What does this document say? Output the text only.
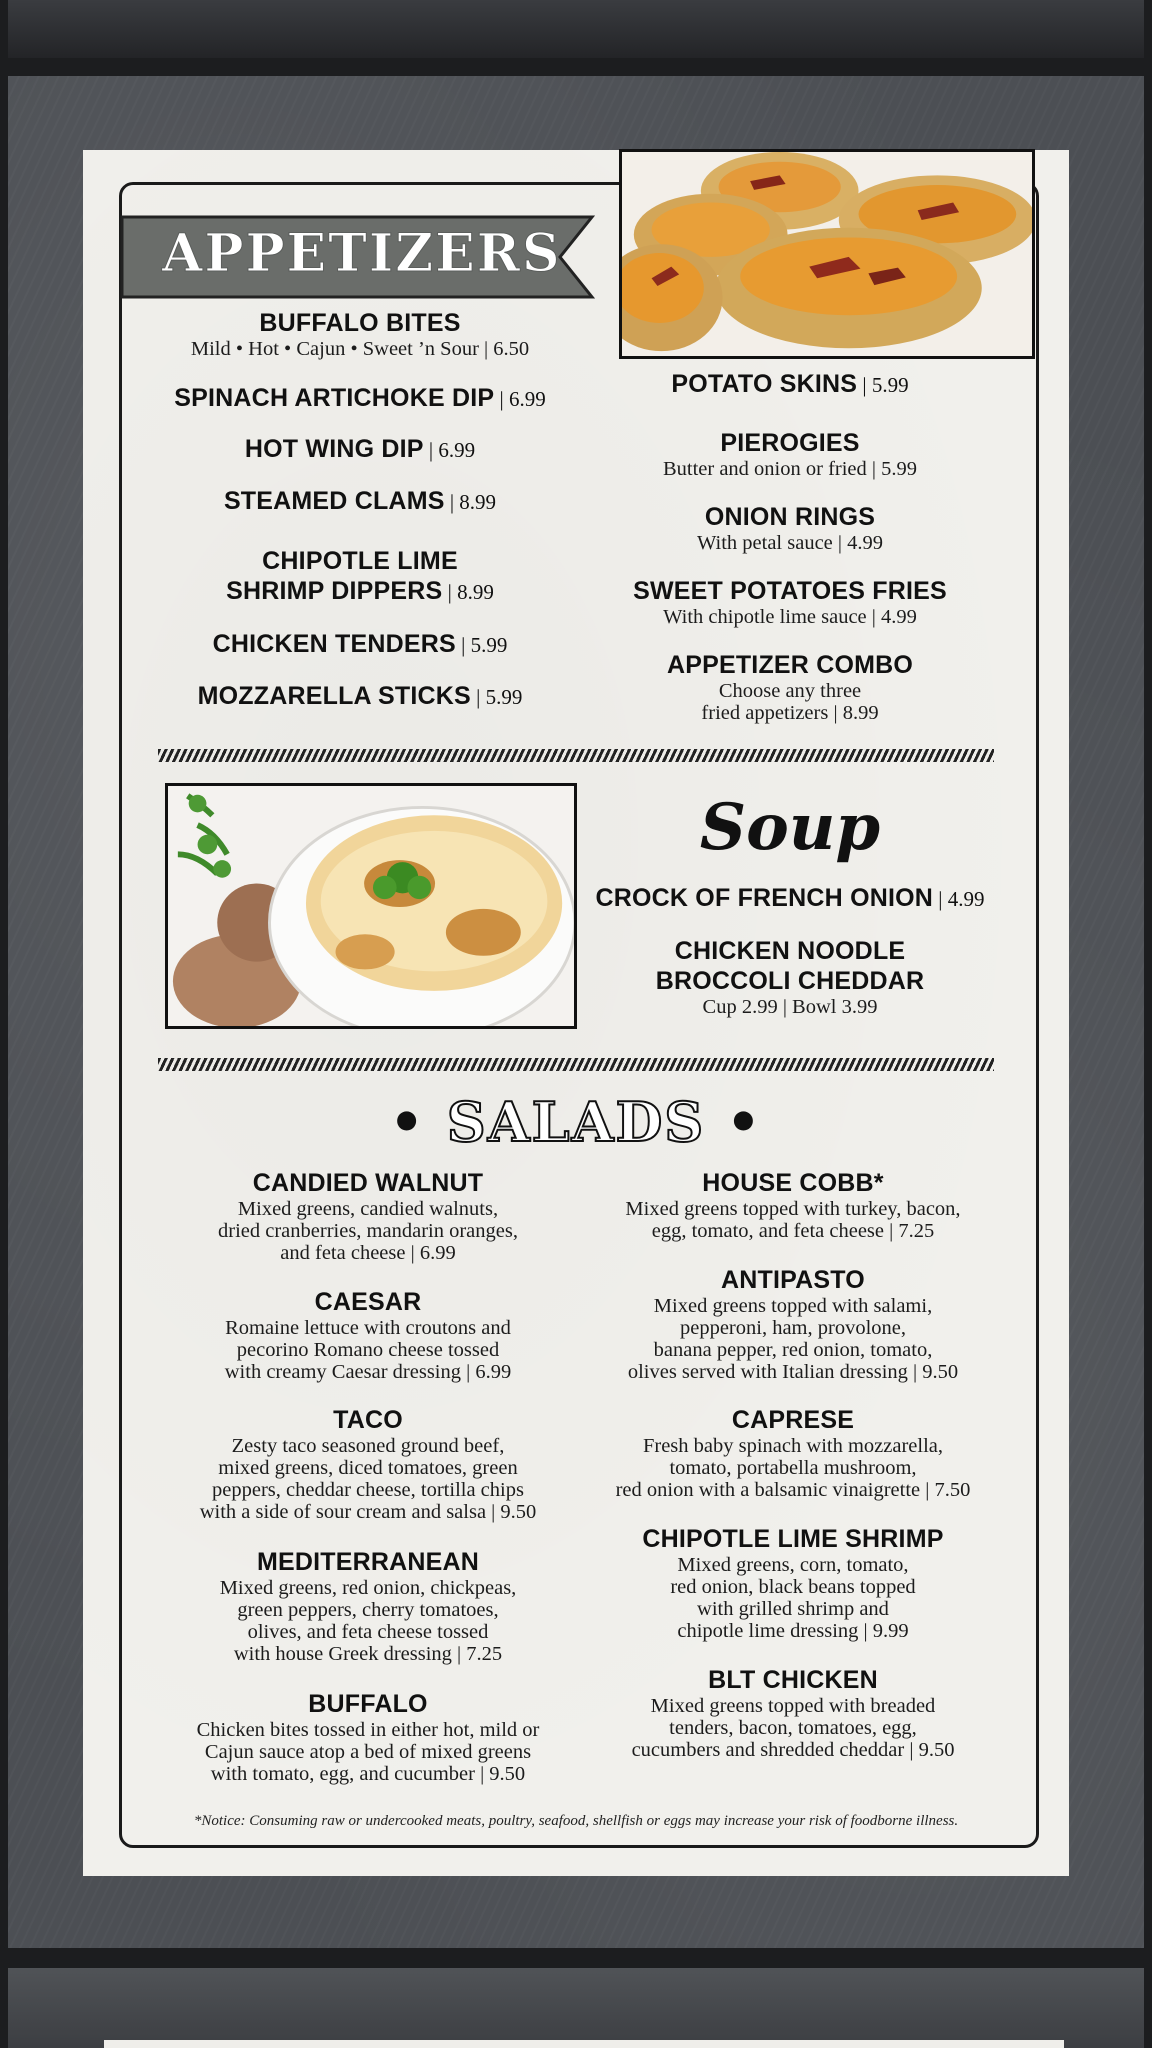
APPETIZERS
BUFFALO BITES
Mild • Hot • Cajun • Sweet ’n Sour | 6.50
SPINACH ARTICHOKE DIP | 6.99
HOT WING DIP | 6.99
STEAMED CLAMS | 8.99
CHIPOTLE LIME
SHRIMP DIPPERS | 8.99
CHICKEN TENDERS | 5.99
MOZZARELLA STICKS | 5.99
POTATO SKINS | 5.99
PIEROGIES
Butter and onion or fried | 5.99
ONION RINGS
With petal sauce | 4.99
SWEET POTATOES FRIES
With chipotle lime sauce | 4.99
APPETIZER COMBO
Choose any three
fried appetizers | 8.99
Soup
CROCK OF FRENCH ONION | 4.99
CHICKEN NOODLE
BROCCOLI CHEDDAR
Cup 2.99 | Bowl 3.99
• SALADS •
CANDIED WALNUT
Mixed greens, candied walnuts,
dried cranberries, mandarin oranges,
and feta cheese | 6.99
CAESAR
Romaine lettuce with croutons and
pecorino Romano cheese tossed
with creamy Caesar dressing | 6.99
TACO
Zesty taco seasoned ground beef,
mixed greens, diced tomatoes, green
peppers, cheddar cheese, tortilla chips
with a side of sour cream and salsa | 9.50
MEDITERRANEAN
Mixed greens, red onion, chickpeas,
green peppers, cherry tomatoes,
olives, and feta cheese tossed
with house Greek dressing | 7.25
BUFFALO
Chicken bites tossed in either hot, mild or
Cajun sauce atop a bed of mixed greens
with tomato, egg, and cucumber | 9.50
HOUSE COBB*
Mixed greens topped with turkey, bacon,
egg, tomato, and feta cheese | 7.25
ANTIPASTO
Mixed greens topped with salami,
pepperoni, ham, provolone,
banana pepper, red onion, tomato,
olives served with Italian dressing | 9.50
CAPRESE
Fresh baby spinach with mozzarella,
tomato, portabella mushroom,
red onion with a balsamic vinaigrette | 7.50
CHIPOTLE LIME SHRIMP
Mixed greens, corn, tomato,
red onion, black beans topped
with grilled shrimp and
chipotle lime dressing | 9.99
BLT CHICKEN
Mixed greens topped with breaded
tenders, bacon, tomatoes, egg,
cucumbers and shredded cheddar | 9.50
*Notice: Consuming raw or undercooked meats, poultry, seafood, shellfish or eggs may increase your risk of foodborne illness.
